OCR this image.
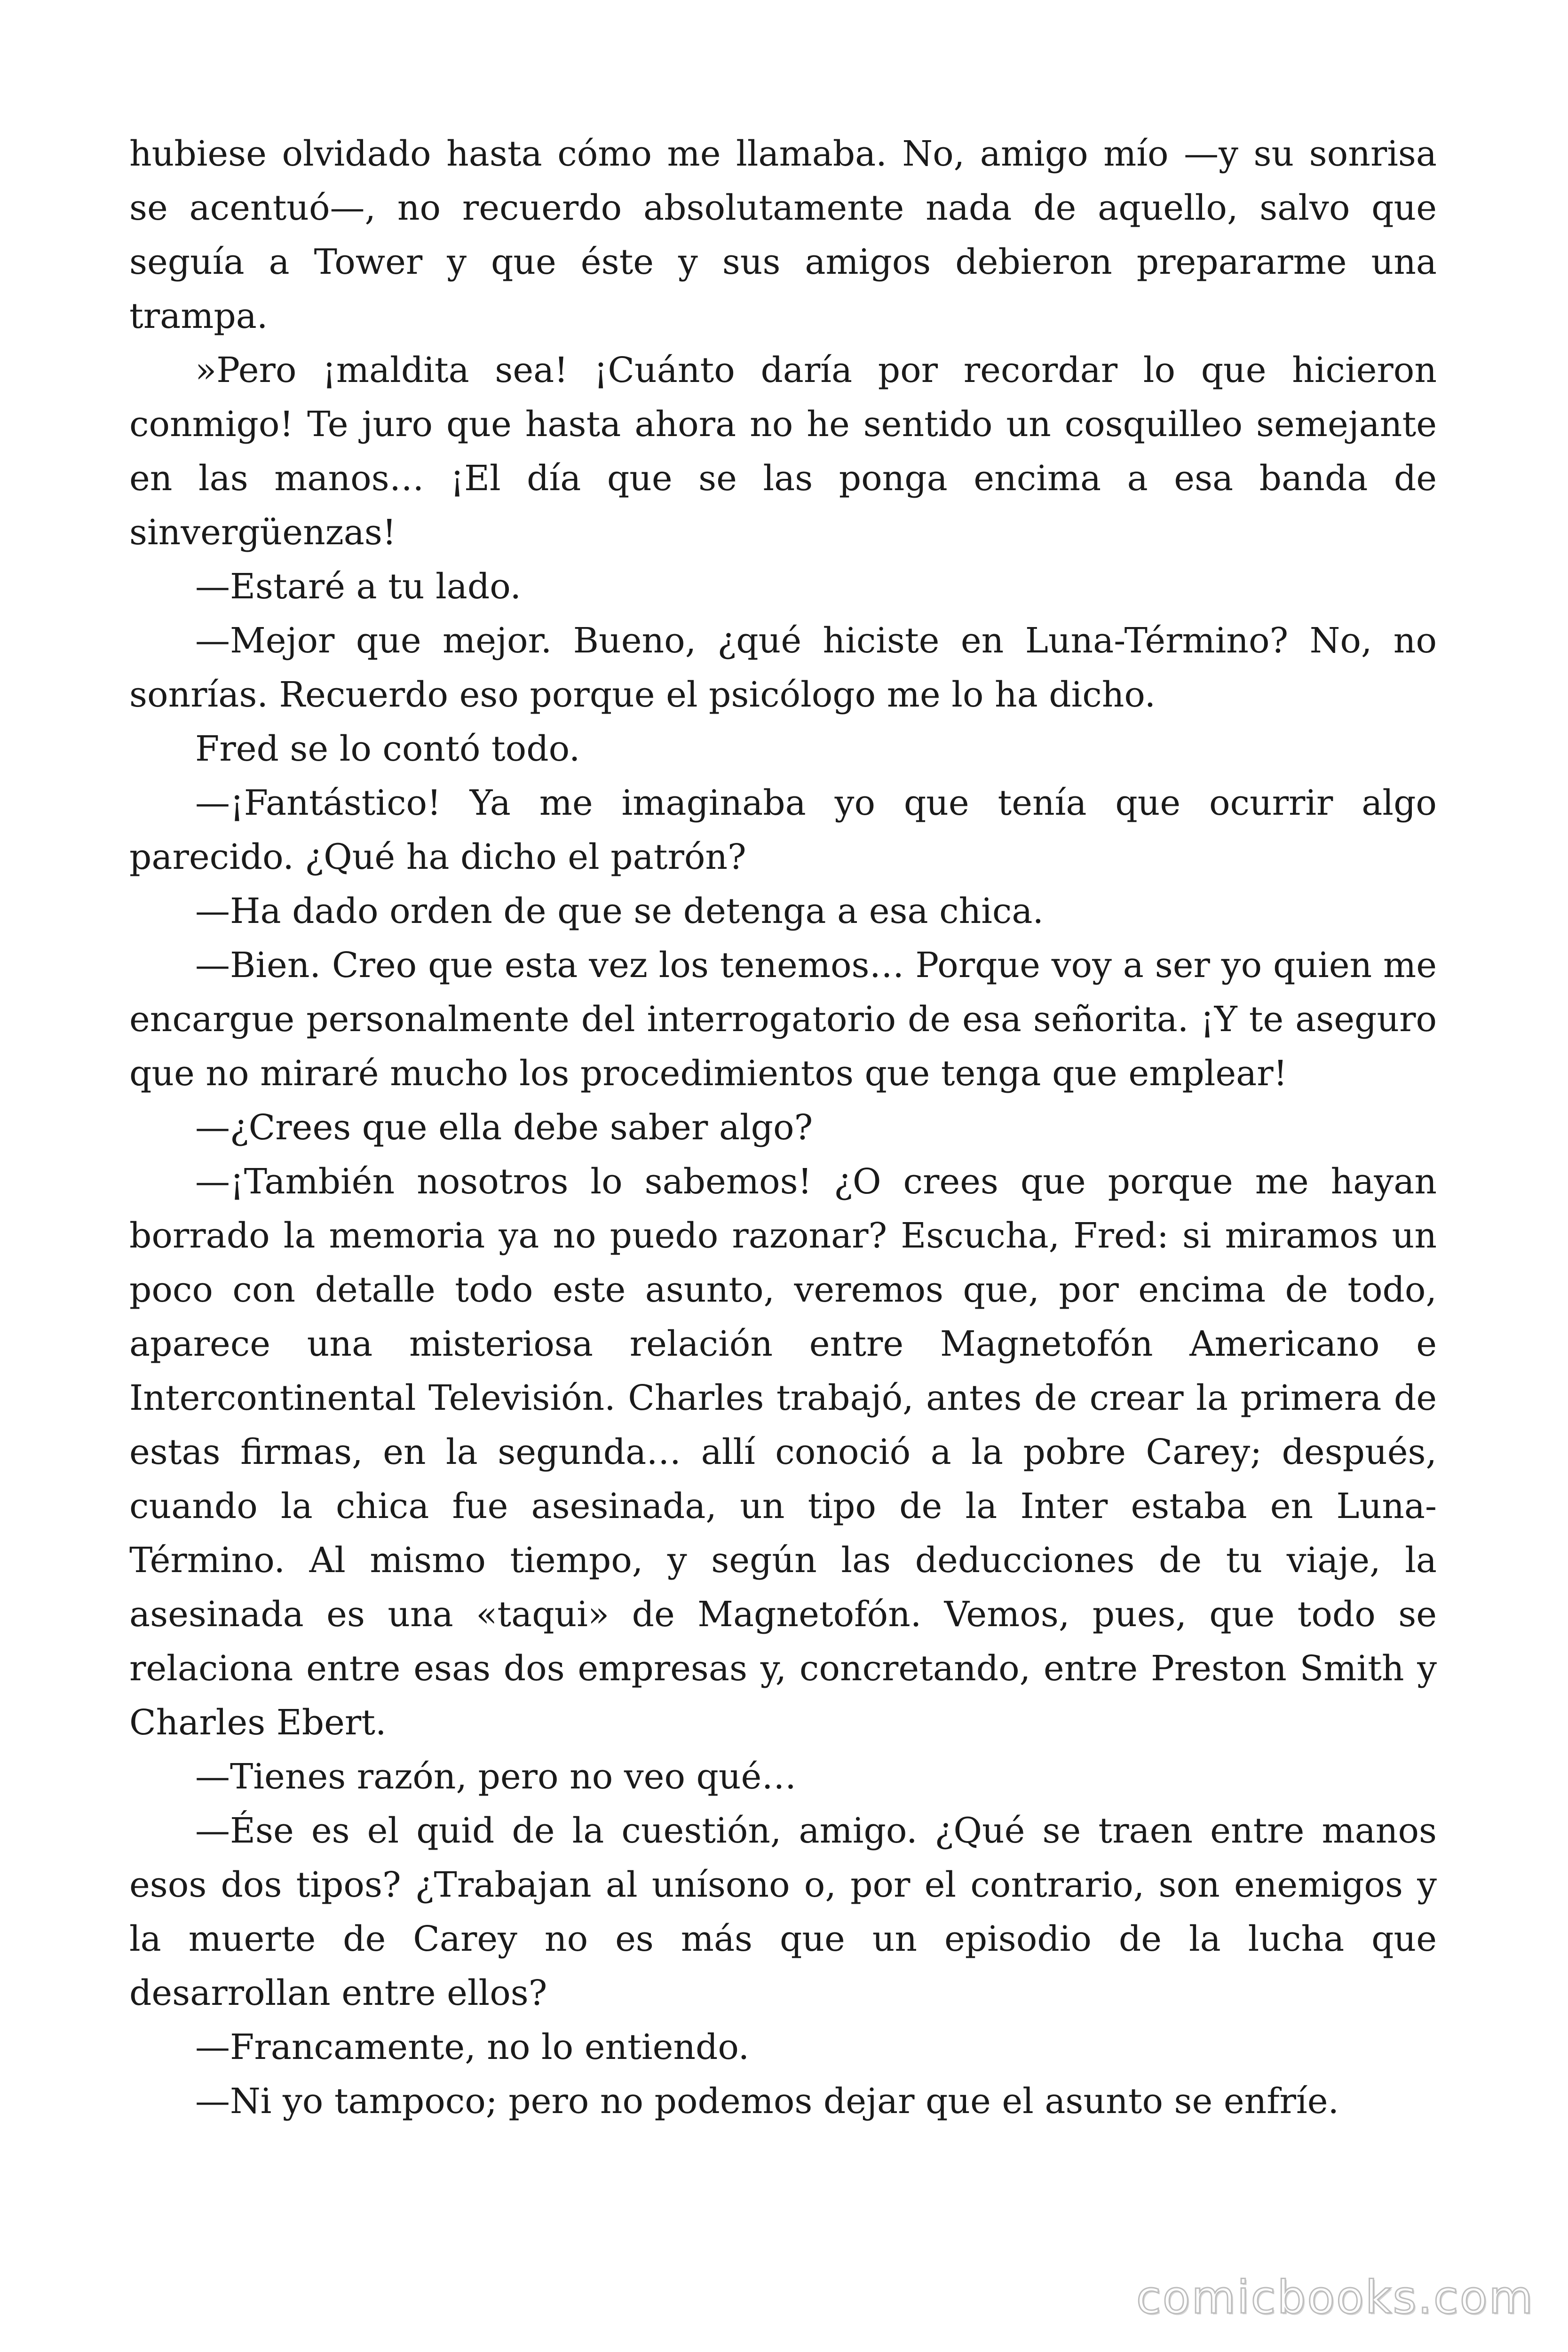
hubiese olvidado hasta cómo me llamaba. No, amigo mío —y su sonrisa se acentuó—, no recuerdo absolutamente nada de aquello, salvo que seguía a Tower y que éste y sus amigos debieron prepararme una trampa.

»Pero ¡maldita sea! ¡Cuánto daría por recordar lo que hicieron conmigo! Te juro que hasta ahora no he sentido un cosquilleo semejante en las manos… ¡El día que se las ponga encima a esa banda de sinvergüenzas!

—Estaré a tu lado.

—Mejor que mejor. Bueno, ¿qué hiciste en Luna-Término? No, no sonrías. Recuerdo eso porque el psicólogo me lo ha dicho.

Fred se lo contó todo.

—¡Fantástico! Ya me imaginaba yo que tenía que ocurrir algo parecido. ¿Qué ha dicho el patrón?

—Ha dado orden de que se detenga a esa chica.

—Bien. Creo que esta vez los tenemos… Porque voy a ser yo quien me encargue personalmente del interrogatorio de esa señorita. ¡Y te aseguro que no miraré mucho los procedimientos que tenga que emplear!

—¿Crees que ella debe saber algo?

—¡También nosotros lo sabemos! ¿O crees que porque me hayan borrado la memoria ya no puedo razonar? Escucha, Fred: si miramos un poco con detalle todo este asunto, veremos que, por encima de todo, aparece una misteriosa relación entre Magnetofón Americano e Intercontinental Televisión. Charles trabajó, antes de crear la primera de estas firmas, en la segunda… allí conoció a la pobre Carey; después, cuando la chica fue asesinada, un tipo de la Inter estaba en Luna-Término. Al mismo tiempo, y según las deducciones de tu viaje, la asesinada es una «taqui» de Magnetofón. Vemos, pues, que todo se relaciona entre esas dos empresas y, concretando, entre Preston Smith y Charles Ebert.

—Tienes razón, pero no veo qué…

—Ése es el quid de la cuestión, amigo. ¿Qué se traen entre manos esos dos tipos? ¿Trabajan al unísono o, por el contrario, son enemigos y la muerte de Carey no es más que un episodio de la lucha que desarrollan entre ellos?

—Francamente, no lo entiendo.

—Ni yo tampoco; pero no podemos dejar que el asunto se enfríe.

comicbooks.com
